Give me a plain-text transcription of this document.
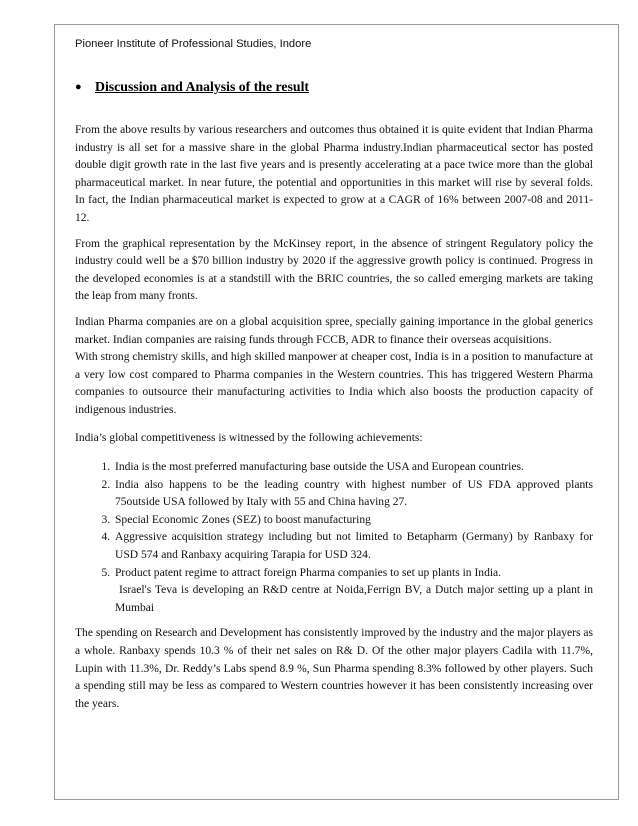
Pioneer Institute of Professional Studies, Indore
● Discussion and Analysis of the result

From the above results by various researchers and outcomes thus obtained it is quite evident that Indian Pharma industry is all set for a massive share in the global Pharma industry.Indian pharmaceutical sector has posted double digit growth rate in the last five years and is presently accelerating at a pace twice more than the global pharmaceutical market. In near future, the potential and opportunities in this market will rise by several folds. In fact, the Indian pharmaceutical market is expected to grow at a CAGR of 16% between 2007-08 and 2011-12.

From the graphical representation by the McKinsey report, in the absence of stringent Regulatory policy the industry could well be a $70 billion industry by 2020 if the aggressive growth policy is continued. Progress in the developed economies is at a standstill with the BRIC countries, the so called emerging markets are taking the leap from many fronts.

Indian Pharma companies are on a global acquisition spree, specially gaining importance in the global generics market. Indian companies are raising funds through FCCB, ADR to finance their overseas acquisitions.

With strong chemistry skills, and high skilled manpower at cheaper cost, India is in a position to manufacture at a very low cost compared to Pharma companies in the Western countries. This has triggered Western Pharma companies to outsource their manufacturing activities to India which also boosts the production capacity of indigenous industries.

India’s global competitiveness is witnessed by the following achievements:

1. India is the most preferred manufacturing base outside the USA and European countries.
2. India also happens to be the leading country with highest number of US FDA approved plants 75outside USA followed by Italy with 55 and China having 27.
3. Special Economic Zones (SEZ) to boost manufacturing
4. Aggressive acquisition strategy including but not limited to Betapharm (Germany) by Ranbaxy for USD 574 and Ranbaxy acquiring Tarapia for USD 324.
5. Product patent regime to attract foreign Pharma companies to set up plants in India.
Israel's Teva is developing an R&D centre at Noida,Ferrign BV, a Dutch major setting up a plant in Mumbai

The spending on Research and Development has consistently improved by the industry and the major players as a whole. Ranbaxy spends 10.3 % of their net sales on R& D. Of the other major players Cadila with 11.7%, Lupin with 11.3%, Dr. Reddy’s Labs spend 8.9 %, Sun Pharma spending 8.3% followed by other players. Such a spending still may be less as compared to Western countries however it has been consistently increasing over the years.
